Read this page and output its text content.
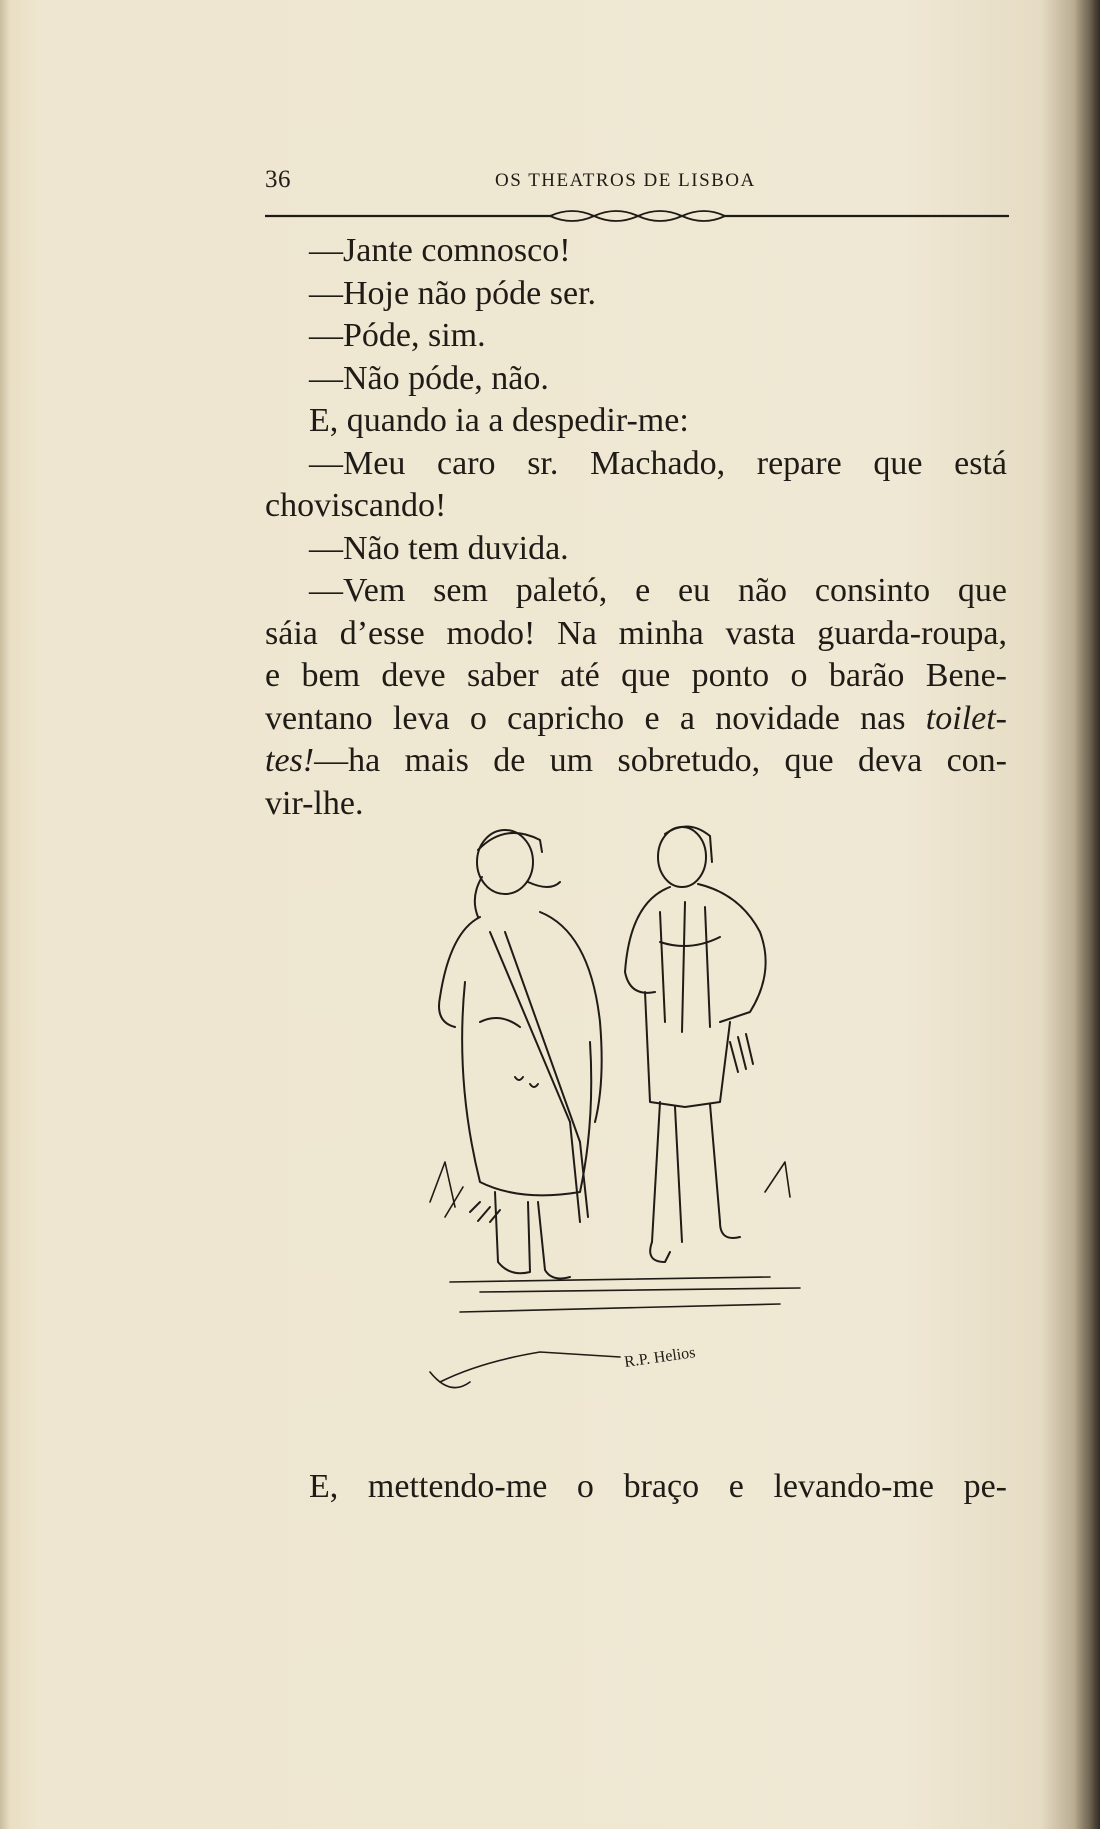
36	OS THEATROS DE LISBOA
—Jante comnosco!
—Hoje não póde ser.
—Póde, sim.
—Não póde, não.
E, quando ia a despedir-me:
—Meu caro sr. Machado, repare que está
choviscando!
—Não tem duvida.
—Vem sem paletó, e eu não consinto que
sáia d’esse modo! Na minha vasta guarda-roupa,
e bem deve saber até que ponto o barão Bene-
ventano leva o capricho e a novidade nas toilet-
tes!—ha mais de um sobretudo, que deva con-
vir-lhe.
R.P. Helios
E, mettendo-me o braço e levando-me pe-
